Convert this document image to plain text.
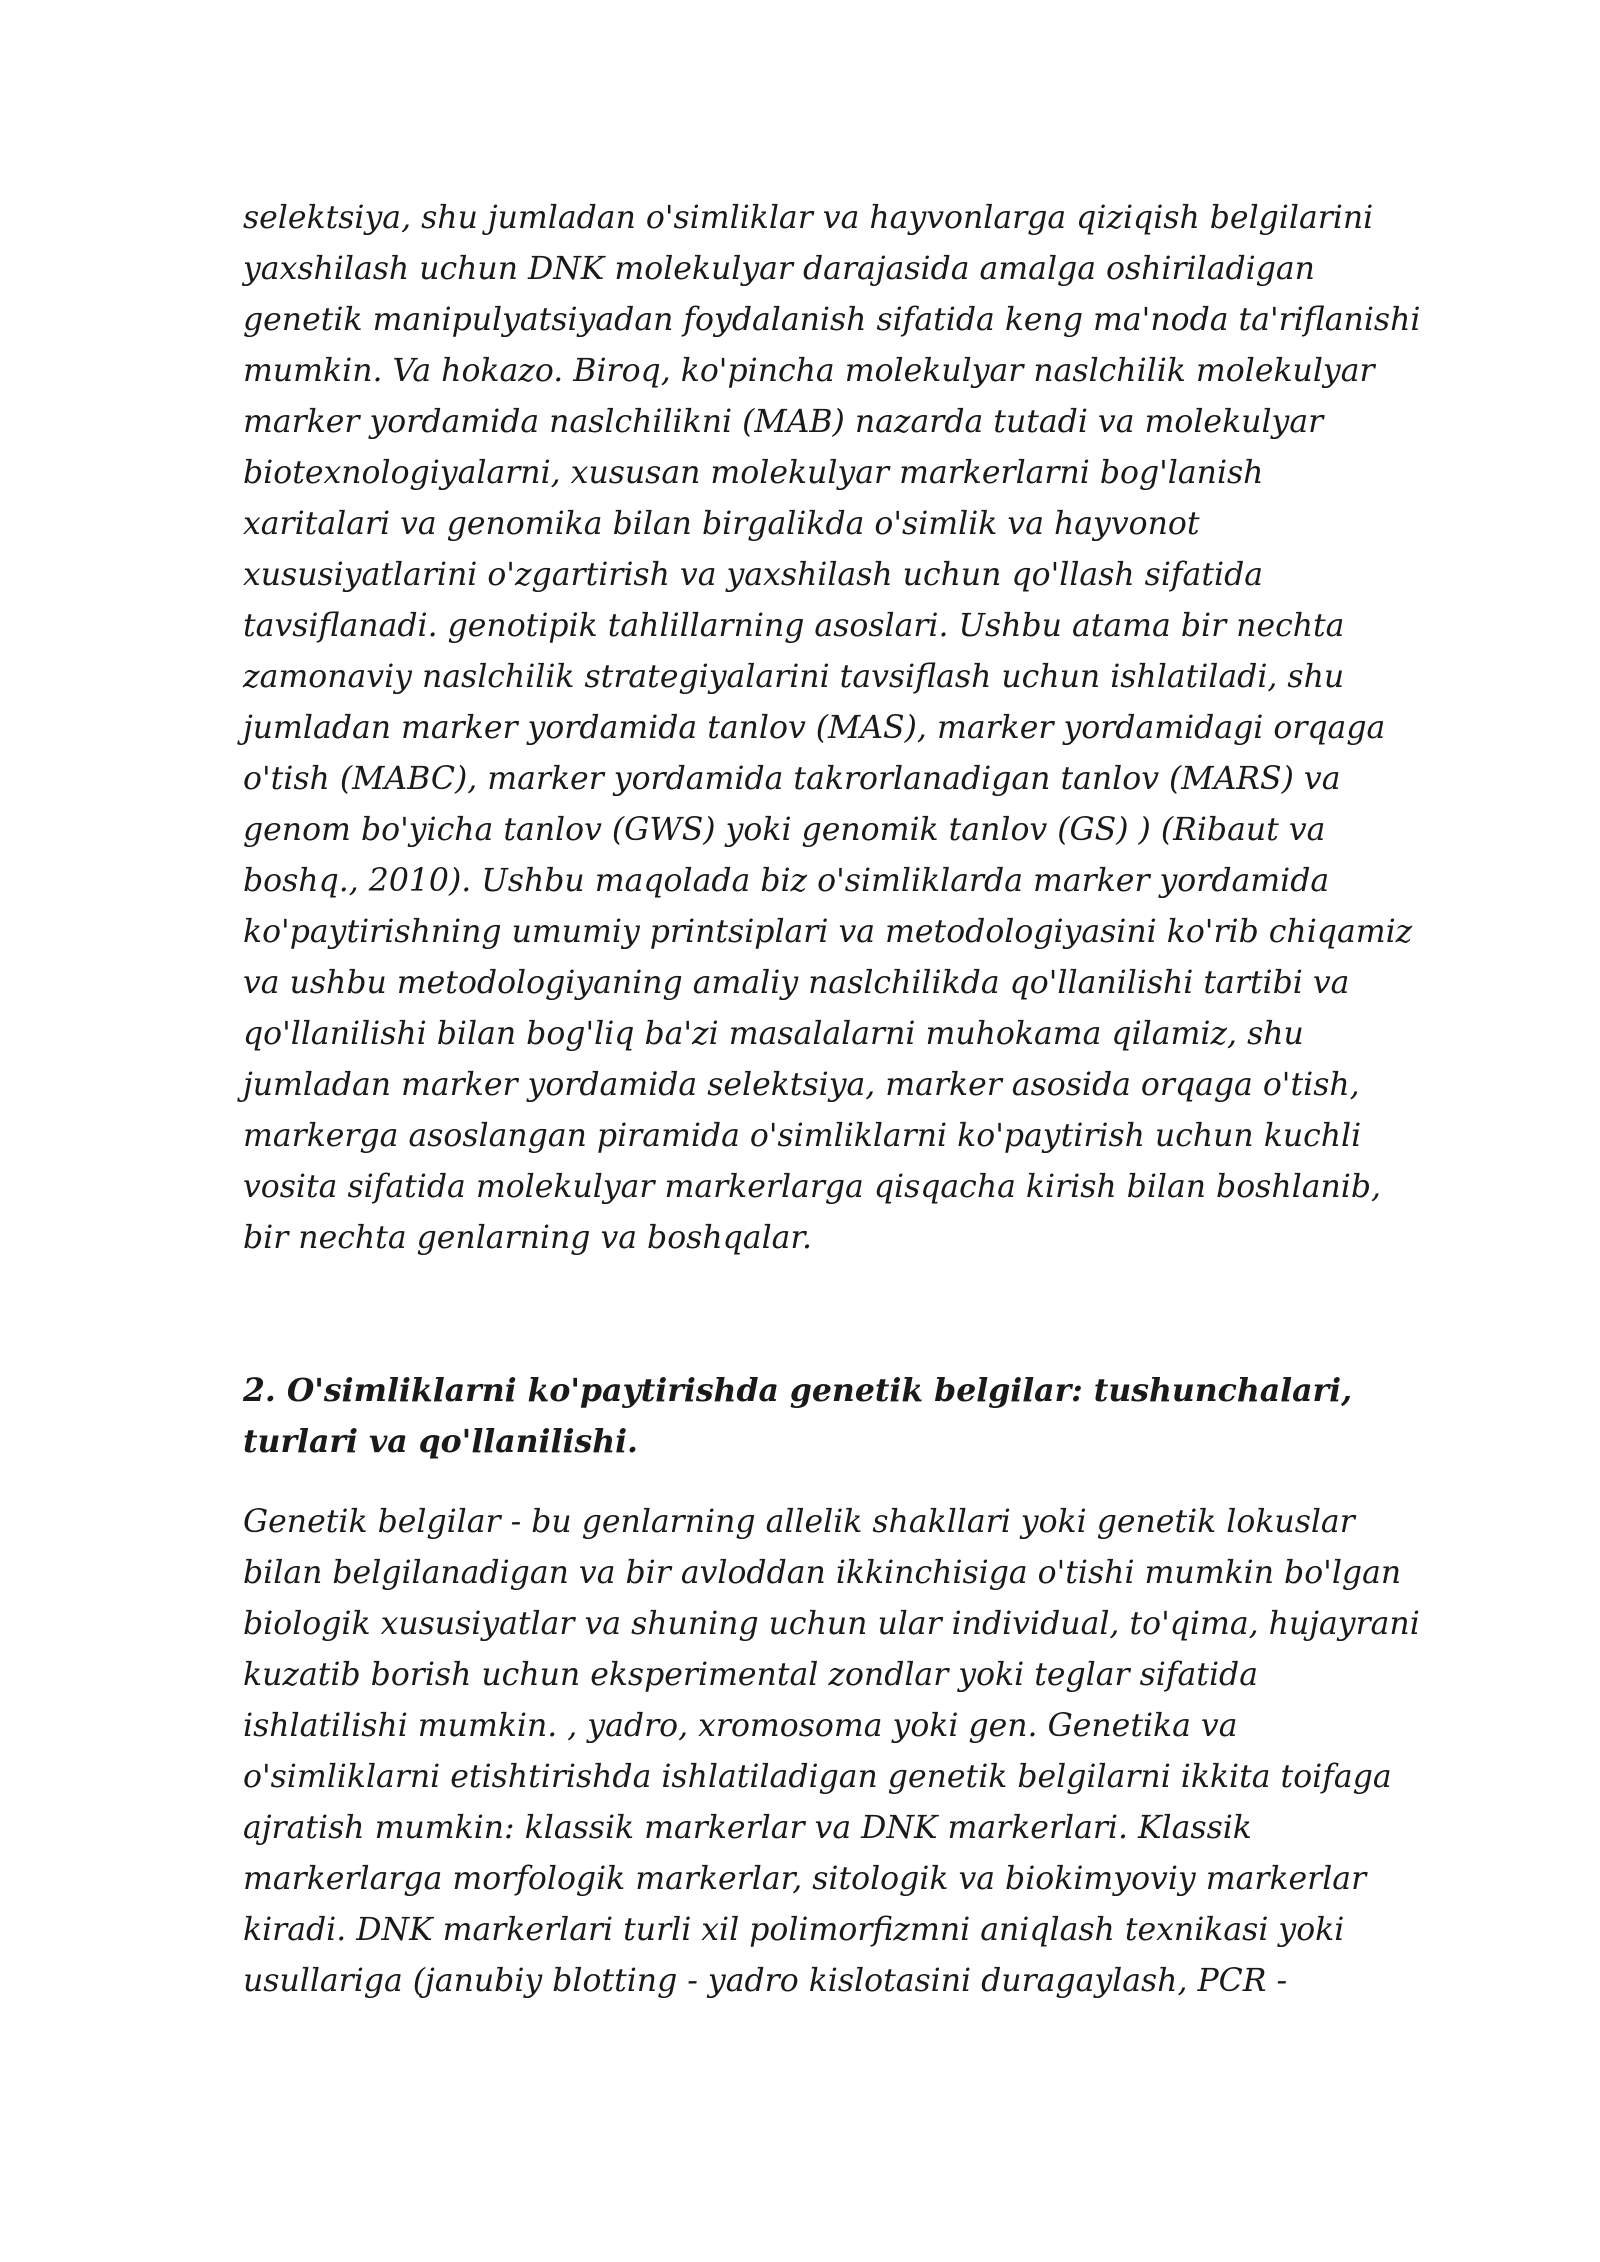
selektsiya, shu jumladan o'simliklar va hayvonlarga qiziqish belgilarini
yaxshilash uchun DNK molekulyar darajasida amalga oshiriladigan
genetik manipulyatsiyadan foydalanish sifatida keng ma'noda ta'riflanishi
mumkin. Va hokazo. Biroq, ko'pincha molekulyar naslchilik molekulyar
marker yordamida naslchilikni (MAB) nazarda tutadi va molekulyar
biotexnologiyalarni, xususan molekulyar markerlarni bog'lanish
xaritalari va genomika bilan birgalikda o'simlik va hayvonot
xususiyatlarini o'zgartirish va yaxshilash uchun qo'llash sifatida
tavsiflanadi. genotipik tahlillarning asoslari. Ushbu atama bir nechta
zamonaviy naslchilik strategiyalarini tavsiflash uchun ishlatiladi, shu
jumladan marker yordamida tanlov (MAS), marker yordamidagi orqaga
o'tish (MABC), marker yordamida takrorlanadigan tanlov (MARS) va
genom bo'yicha tanlov (GWS) yoki genomik tanlov (GS) ) (Ribaut va
boshq., 2010). Ushbu maqolada biz o'simliklarda marker yordamida
ko'paytirishning umumiy printsiplari va metodologiyasini ko'rib chiqamiz
va ushbu metodologiyaning amaliy naslchilikda qo'llanilishi tartibi va
qo'llanilishi bilan bog'liq ba'zi masalalarni muhokama qilamiz, shu
jumladan marker yordamida selektsiya, marker asosida orqaga o'tish,
markerga asoslangan piramida o'simliklarni ko'paytirish uchun kuchli
vosita sifatida molekulyar markerlarga qisqacha kirish bilan boshlanib,
bir nechta genlarning va boshqalar.
2. O'simliklarni ko'paytirishda genetik belgilar: tushunchalari,
turlari va qo'llanilishi.
Genetik belgilar - bu genlarning allelik shakllari yoki genetik lokuslar
bilan belgilanadigan va bir avloddan ikkinchisiga o'tishi mumkin bo'lgan
biologik xususiyatlar va shuning uchun ular individual, to'qima, hujayrani
kuzatib borish uchun eksperimental zondlar yoki teglar sifatida
ishlatilishi mumkin. , yadro, xromosoma yoki gen. Genetika va
o'simliklarni etishtirishda ishlatiladigan genetik belgilarni ikkita toifaga
ajratish mumkin: klassik markerlar va DNK markerlari. Klassik
markerlarga morfologik markerlar, sitologik va biokimyoviy markerlar
kiradi. DNK markerlari turli xil polimorfizmni aniqlash texnikasi yoki
usullariga (janubiy blotting - yadro kislotasini duragaylash, PCR -
